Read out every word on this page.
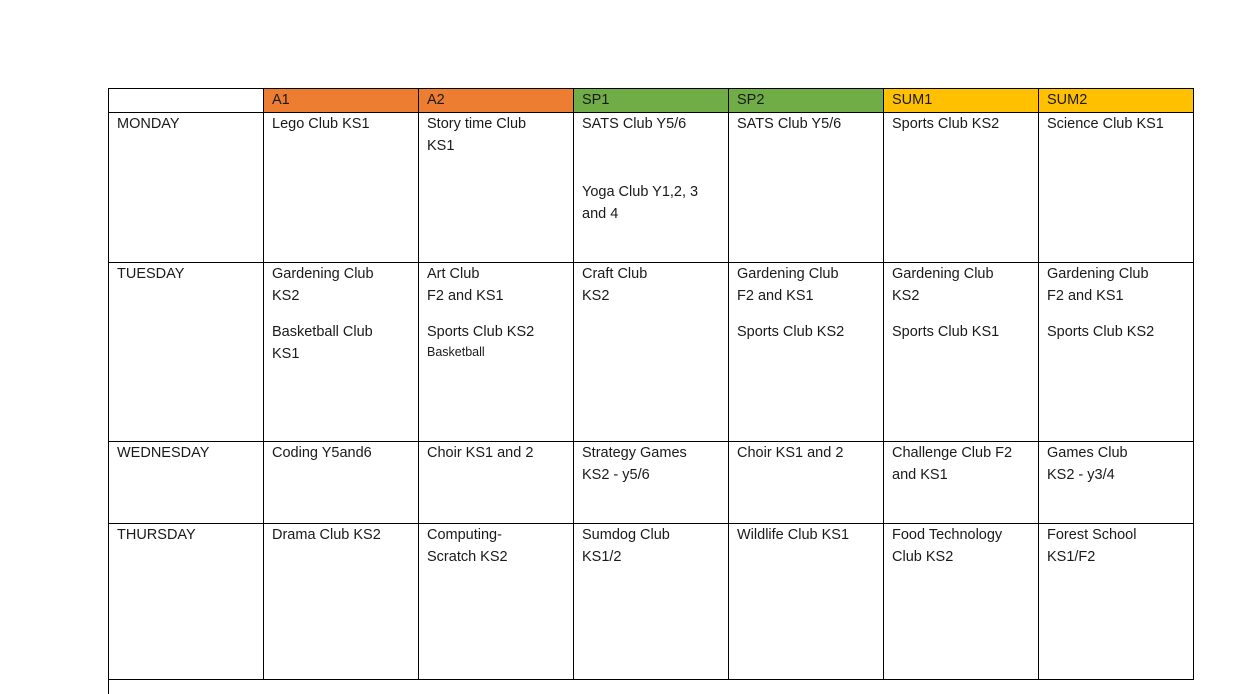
	A1	A2	SP1	SP2	SUM1	SUM2

MONDAY	Lego Club KS1	Story time Club
KS1	SATS Club Y5/6
Yoga Club Y1,2, 3
and 4	SATS Club Y5/6	Sports Club KS2	Science Club KS1

TUESDAY	Gardening Club
KS2
Basketball Club
KS1	Art Club
F2 and KS1
Sports Club KS2
Basketball	Craft Club
KS2	Gardening Club
F2 and KS1
Sports Club KS2	Gardening Club
KS2
Sports Club KS1	Gardening Club
F2 and KS1
Sports Club KS2

WEDNESDAY	Coding Y5and6	Choir KS1 and 2	Strategy Games
KS2 - y5/6	Choir KS1 and 2	Challenge Club F2
and KS1	Games Club
KS2 - y3/4

THURSDAY	Drama Club KS2	Computing-
Scratch KS2	Sumdog Club
KS1/2	Wildlife Club KS1	Food Technology
Club KS2	Forest School
KS1/F2
